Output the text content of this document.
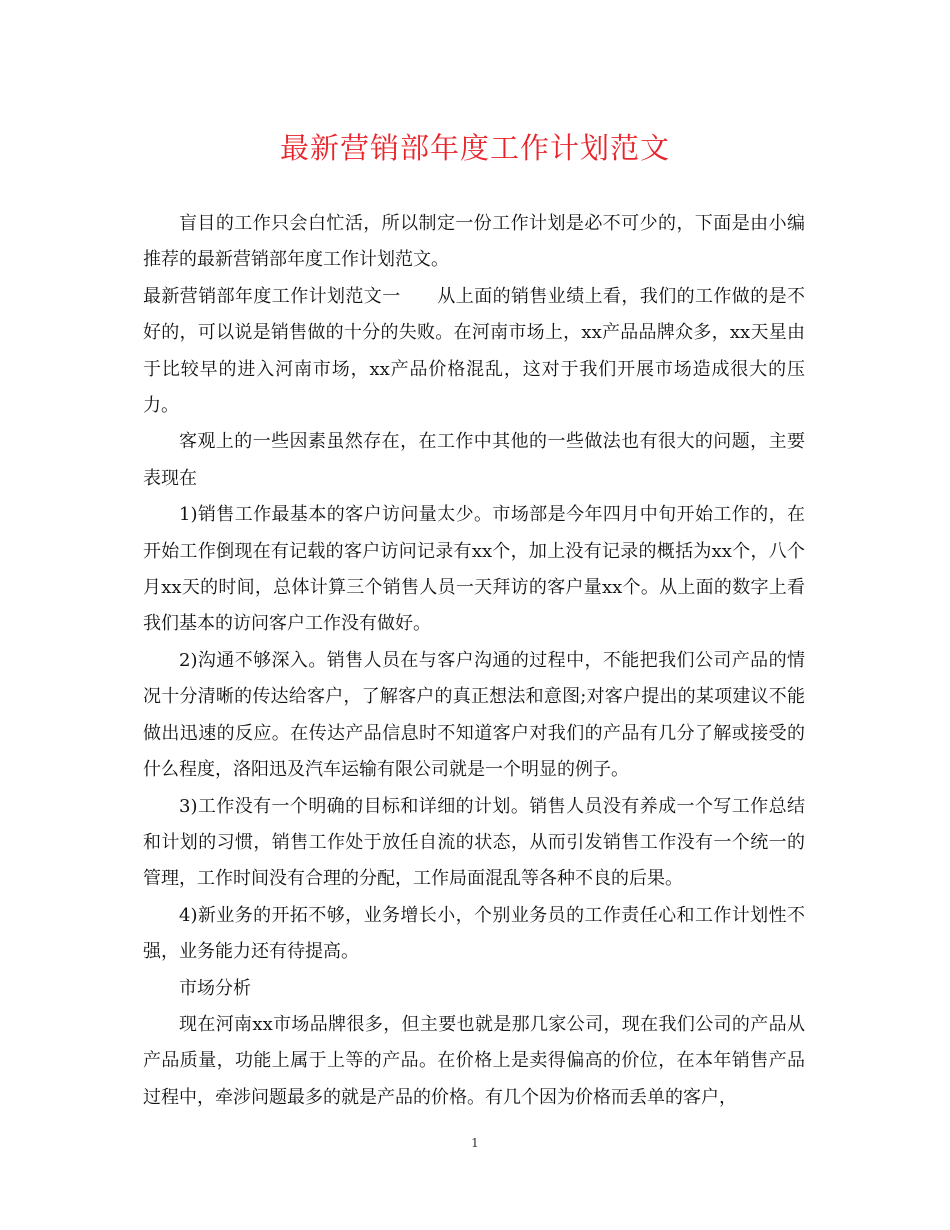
最新营销部年度工作计划范文

盲目的工作只会白忙活，所以制定一份工作计划是必不可少的，下面是由小编推荐的最新营销部年度工作计划范文。

最新营销部年度工作计划范文一　　从上面的销售业绩上看，我们的工作做的是不好的，可以说是销售做的十分的失败。在河南市场上，xx产品品牌众多，xx天星由于比较早的进入河南市场，xx产品价格混乱，这对于我们开展市场造成很大的压力。

客观上的一些因素虽然存在，在工作中其他的一些做法也有很大的问题，主要表现在

1)销售工作最基本的客户访问量太少。市场部是今年四月中旬开始工作的，在开始工作倒现在有记载的客户访问记录有xx个，加上没有记录的概括为xx个，八个月xx天的时间，总体计算三个销售人员一天拜访的客户量xx个。从上面的数字上看我们基本的访问客户工作没有做好。

2)沟通不够深入。销售人员在与客户沟通的过程中，不能把我们公司产品的情况十分清晰的传达给客户，了解客户的真正想法和意图;对客户提出的某项建议不能做出迅速的反应。在传达产品信息时不知道客户对我们的产品有几分了解或接受的什么程度，洛阳迅及汽车运输有限公司就是一个明显的例子。

3)工作没有一个明确的目标和详细的计划。销售人员没有养成一个写工作总结和计划的习惯，销售工作处于放任自流的状态，从而引发销售工作没有一个统一的管理，工作时间没有合理的分配，工作局面混乱等各种不良的后果。

4)新业务的开拓不够，业务增长小，个别业务员的工作责任心和工作计划性不强，业务能力还有待提高。

市场分析

现在河南xx市场品牌很多，但主要也就是那几家公司，现在我们公司的产品从产品质量，功能上属于上等的产品。在价格上是卖得偏高的价位，在本年销售产品过程中，牵涉问题最多的就是产品的价格。有几个因为价格而丢单的客户，

1
